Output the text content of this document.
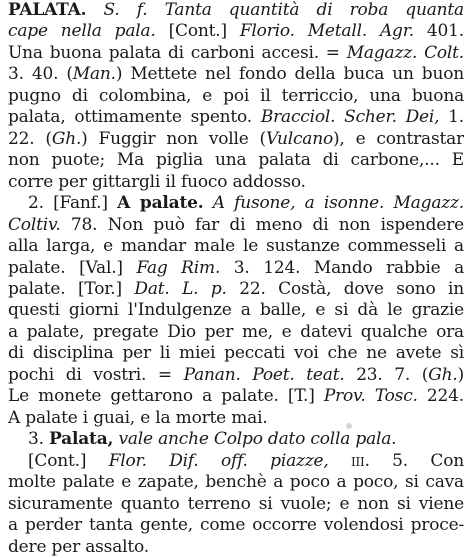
PALATA. S. f. Tanta quantità di roba quanta
cape nella pala. [Cont.] Florio. Metall. Agr. 401.
Una buona palata di carboni accesi. = Magazz. Colt.
3. 40. (Man.) Mettete nel fondo della buca un buon
pugno di colombina, e poi il terriccio, una buona
palata, ottimamente spento. Bracciol. Scher. Dei, 1.
22. (Gh.) Fuggir non volle (Vulcano), e contrastar
non puote; Ma piglia una palata di carbone,... E
corre per gittargli il fuoco addosso.
2. [Fanf.] A palate. A fusone, a isonne. Magazz.
Coltiv. 78. Non può far di meno di non ispendere
alla larga, e mandar male le sustanze commesseli a
palate. [Val.] Fag Rim. 3. 124. Mando rabbie a
palate. [Tor.] Dat. L. p. 22. Costà, dove sono in
questi giorni l'Indulgenze a balle, e si dà le grazie
a palate, pregate Dio per me, e datevi qualche ora
di disciplina per li miei peccati voi che ne avete sì
pochi di vostri. = Panan. Poet. teat. 23. 7. (Gh.)
Le monete gettarono a palate. [T.] Prov. Tosc. 224.
A palate i guai, e la morte mai.
3. Palata, vale anche Colpo dato colla pala.
[Cont.] Flor. Dif. off. piazze, iii. 5. Con
molte palate e zapate, benchè a poco a poco, si cava
sicuramente quanto terreno si vuole; e non si viene
a perder tanta gente, come occorre volendosi proce-
dere per assalto.
